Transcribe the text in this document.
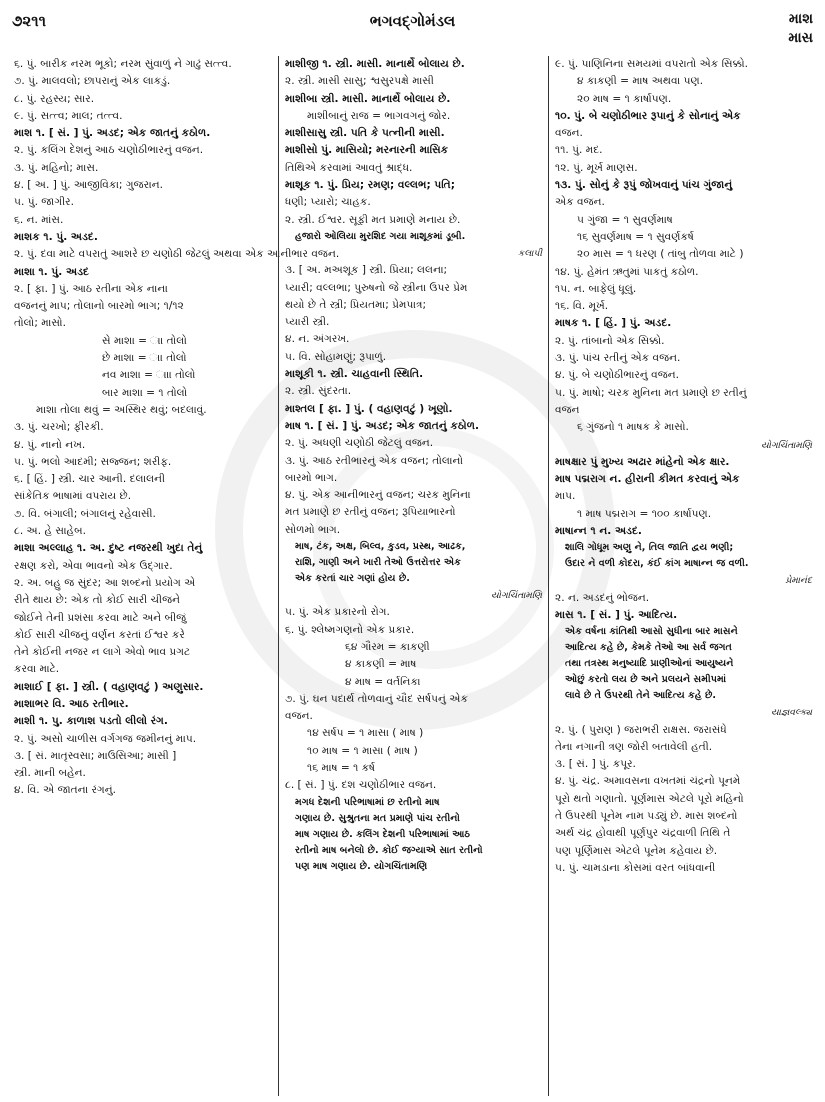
૭૨૧૧	ભગવદ્ગોમંડલ	માશ
માસ
૬. પું. બારીક નરમ ભૂકો; નરમ સુંવાળું ને ગાઢું સત્ત્વ.
૭. પું. માલવલો; છાપરાનું એક લાકડું.
૮. પું. રહસ્ય; સાર.
૯. પું. સત્ત્વ; માલ; તત્ત્વ.
માશ ૧. [ સં. ] પું. અડદ; એક જાતનું કઠોળ.
૨. પું. કલિંગ દેશનું આઠ ચણોઠીભારનું વજન.
૩. પું. મહિનો; માસ.
૪. [ અ. ] પું. આજીવિકા; ગુજરાન.
૫. પું. જાગીર.
૬. ન. માંસ.
માશક ૧. પું. અડદ.
૨. પું. દવા માટે વપરાતું આશરે છ ચણોઠી જેટલું અથવા એક આનીભાર વજન.
માશા ૧. પું. અડદ
૨. [ ફા. ] પું. આઠ રતીના એક નાના
વજનનું માપ; તોલાનો બારમો ભાગ; ૧/૧૨
તોલો; માસો.
સે માશા = ાા તોલો
છે માશા = ાા તોલો
નવ માશા = ાાા તોલો
બાર માશા = ૧ તોલો
માશા તોલા થવું = અસ્થિર થવું; બદલાવું.
૩. પું. ચરખો; ફીરકી.
૪. પું. નાનો નખ.
૫. પું. ભલો આદમી; સજ્જન; શરીફ.
૬. [ હિં. ] સ્ત્રી. ચાર આની. દલાલની
સાંકેતિક ભાષામાં વપરાય છે.
૭. વિ. બંગાલી; બંગાલનું રહેવાસી.
૮. અ. હે સાહેબ.
માશા અલ્લાહ ૧. અ. દુષ્ટ નજરથી ખુદા તેનું
રક્ષણ કરો, એવા ભાવનો એક ઉદ્ગાર.
૨. અ. બહુ જ સુંદર; આ શબ્દનો પ્રયોગ એ
રીતે થાય છે: એક તો કોઈ સારી ચીજને
જોઈને તેની પ્રશંસા કરવા માટે અને બીજું
કોઈ સારી ચીજનું વર્ણન કરતાં ઈશ્વર કરે
તેને કોઈની નજર ન લાગે એવો ભાવ પ્રગટ
કરવા માટે.
માશાઈ [ ફા. ] સ્ત્રી. ( વહાણવટું ) અણુસાર.
માશાભર વિ. આઠ રતીભાર.
માશી ૧. પુ. કાળાશ પડતો લીલો રંગ.
૨. પું. અસો ચાળીસ વર્ગગજ જમીનનું માપ.
૩. [ સં. માતૃસ્વસા; માઉસિઆ; માસી ]
સ્ત્રી. માની બહેન.
૪. વિ. એ જાતના રંગનું.
માશીજી ૧. સ્ત્રી. માસી. માનાર્થે બોલાય છે.
૨. સ્ત્રી. માસી સાસુ; શ્વસુરપક્ષે માસી
માશીબા સ્ત્રી. માસી. માનાર્થે બોલાય છે.
માશીબાનું રાજ = ભાગવગનું જોર.
માશીસાસુ સ્ત્રી. પતિ કે પત્નીની માસી.
માશીસો પું. માસિયો; મરનારની માસિક
તિથિએ કરવામાં આવતું શ્રાદ્ધ.
માશૂક ૧. પું. પ્રિય; રમણ; વલ્લભ; પતિ;
ધણી; પ્યારો; ચાહક.
૨. સ્ત્રી. ઈશ્વર. સૂફી મત પ્રમાણે મનાય છે.
હજારો ઓલિયા મુરશિદ ગયા માશૂકમાં ડૂબી.
કલાપી
૩. [ અ. મઅશૂક ] સ્ત્રી. પ્રિયા; લલના;
પ્યારી; વલ્લભા; પુરુષનો જે સ્ત્રીના ઉપર પ્રેમ
થયો છે તે સ્ત્રી; પ્રિયતમા; પ્રેમપાત્ર;
પ્યારી સ્ત્રી.
૪. ન. અંગરખ.
૫. વિ. સોહામણું; રૂપાળું.
માશૂકી ૧. સ્ત્રી. ચાહવાની સ્થિતિ.
૨. સ્ત્રી. સુંદરતા.
માશ્તલ [ ફા. ] પું. ( વહાણવટું ) ખૂણો.
માષ ૧. [ સં. ] પું. અડદ; એક જાતનું કઠોળ.
૨. પું. અધણી ચણોઠી જેટલું વજન.
૩. પું. આઠ રતીભારનું એક વજન; તોલાનો
બારમો ભાગ.
૪. પું. એક આનીભારનું વજન; ચરક મુનિના
મત પ્રમાણે છ રતીનું વજન; રૂપિયાભારનો
સોળમો ભાગ.
માષ, ટંક, અક્ષ, બિલ્વ, કુડવ, પ્રસ્થ, આઢક,
રાશિ, ગાણી અને ખારી તેઓ ઉત્તરોત્તર એક
એક કરતાં ચાર ગણાં હોય છે.
યોગચિંતામણિ
૫. પું. એક પ્રકારનો રોગ.
૬. પું. શ્લેષ્મગણનો એક પ્રકાર.
૬૪ ગૌરમ = કાકણી
૪ કાકણી = માષ
૪ માષ = વર્તનિકા
૭. પું. ઘન પદાર્થ તોળવાનું ચૌદ સર્ષપનું એક
વજન.
૧૪ સર્ષપ = ૧ માસા ( માષ )
૧૦ માષ = ૧ માસા ( માષ )
૧૬ માષ = ૧ કર્ષ
૮. [ સં. ] પું. દશ ચણોઠીભાર વજન.
મગધ દેશની પરિભાષામાં છ રતીનો માષ
ગણાય છે. સુશ્રુતના મત પ્રમાણે પાંચ રતીનો
માષ ગણાય છે. કલિંગ દેશની પરિભાષામાં આઠ
રતીનો માષ બનેલો છે. કોઈ જગ્યાએ સાત રતીનો
પણ માષ ગણાય છે. યોગચિંતામણિ
૯. પું. પાણિનિના સમયમાં વપરાતો એક સિક્કો.
૪ કાકણી = માષ અથવા પણ.
૨૦ માષ = ૧ કાર્ષાપણ.
૧૦. પું. બે ચણોઠીભાર રૂપાનું કે સોનાનું એક
વજન.
૧૧. પું. મદ.
૧૨. પું. મૂર્ખ માણસ.
૧૩. પું. સોનું કે રૂપું જોખવાનું પાંચ ગુંજાનું
એક વજન.
૫ ગુંજા = ૧ સુવર્ણમાષ
૧૬ સુવર્ણમાષ = ૧ સુવર્ણકર્ષ
૨૦ માસ = ૧ ધરણ ( તાંબુ તોળવા માટે )
૧૪. પું. હેમંત ઋતુમાં પાકતું કઠોળ.
૧૫. ન. બાફેલું ધૂલું.
૧૬. વિ. મૂર્ખ.
માષક ૧. [ હિં. ] પું. અડદ.
૨. પું. તાંબાનો એક સિક્કો.
૩. પું. પાંચ રતીનું એક વજન.
૪. પું. બે ચણોઠીભારનું વજન.
૫. પું. માષો; ચરક મુનિના મત પ્રમાણે છ રતીનું
વજન
૬ ગુંજનો ૧ માષક કે માસો.
યોગચિંતામણિ
માષક્ષાર પું મુખ્ય અઢાર માંહેનો એક ક્ષાર.
માષ પદ્મરાગ ન. હીરાની કીમત કરવાનું એક
માપ.
૧ માષ પદ્મરાગ = ૧૦૦ કાર્ષાપણ.
માષાન્ન ૧ ન. અડદ.
શાલિ ગોધૂમ અણુ ને, તિલ જાતિ દ્વય ભણી;
ઉદાર ને વળી કોદરા, કંઈ કાંગ માષાન્ન જ વળી.
પ્રેમાનંદ
૨. ન. અડદનું ભોજન.
માસ ૧. [ સં. ] પું. આદિત્ય.
એક વર્ષના કાંતિથી આસો સુધીના બાર માસને
આદિત્ય કહે છે, કેમકે તેઓ આ સર્વ જગત
તથા તત્રસ્થ મનુષ્યાદિ પ્રાણીઓનાં આયુષ્યને
ઓછું કરતો લય છે અને પ્રલયને સમીપમાં
લાવે છે તે ઉપરથી તેને આદિત્ય કહે છે.
યાજ્ઞવલ્ક્ય
૨. પું. ( પુરાણ ) જરાભરી રાક્ષસ. જરાસંધે
તેના નગાની ત્રણ જોરી બતાવેલી હતી.
૩. [ સં. ] પું. કપૂર.
૪. પું. ચંદ્ર. અમાવસના વખતમાં ચંદ્રનો પૂનમે
પૂરો થતો ગણાતો. પૂર્ણમાસ એટલે પૂરો મહિનો
તે ઉપરથી પૂનેમ નામ પડ્યું છે. માસ શબ્દનો
અર્થ ચંદ્ર હોવાથી પૂર્ણપુર ચંદ્રવાળી તિથિ તે
પણ પૂર્ણિમાસ એટલે પૂનેમ કહેવાય છે.
૫. પું. ચામડાના કોસમાં વરત બાંધવાની
